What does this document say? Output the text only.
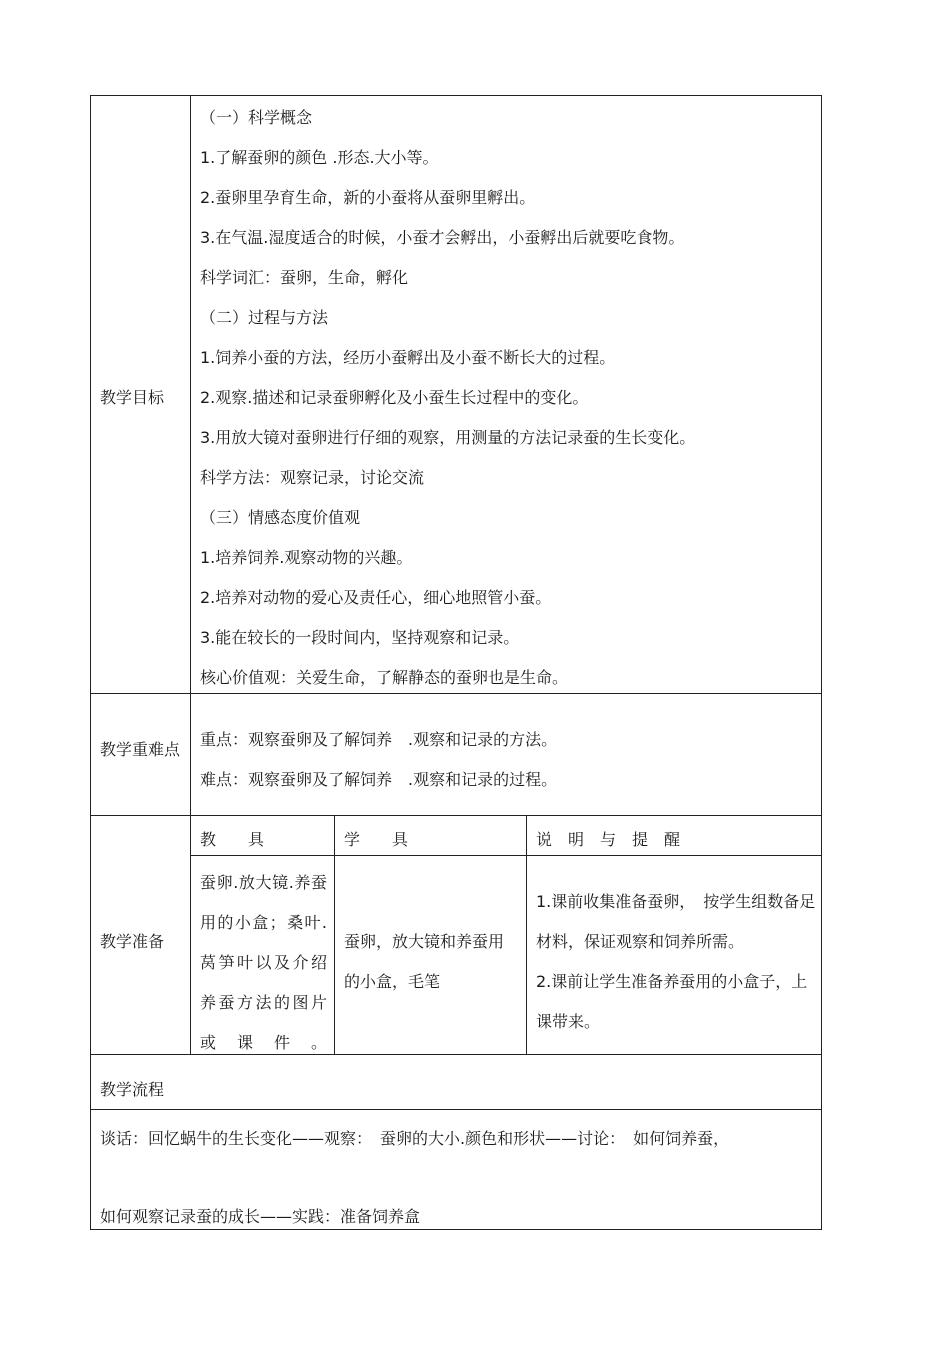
教学目标
（一）科学概念
1.了解蚕卵的颜色 .形态.大小等。
2.蚕卵里孕育生命，新的小蚕将从蚕卵里孵出。
3.在气温.湿度适合的时候，小蚕才会孵出，小蚕孵出后就要吃食物。
科学词汇：蚕卵，生命，孵化
（二）过程与方法
1.饲养小蚕的方法，经历小蚕孵出及小蚕不断长大的过程。
2.观察.描述和记录蚕卵孵化及小蚕生长过程中的变化。
3.用放大镜对蚕卵进行仔细的观察，用测量的方法记录蚕的生长变化。
科学方法：观察记录，讨论交流
（三）情感态度价值观
1.培养饲养.观察动物的兴趣。
2.培养对动物的爱心及责任心，细心地照管小蚕。
3.能在较长的一段时间内，坚持观察和记录。
核心价值观：关爱生命，了解静态的蚕卵也是生命。
教学重难点
重点：观察蚕卵及了解饲养　.观察和记录的方法。
难点：观察蚕卵及了解饲养　.观察和记录的过程。
教学准备
教　　具	学　　具	说　明　与　提　醒
蚕卵.放大镜.养蚕用的小盒；桑叶.莴笋叶以及介绍养蚕方法的图片或课件。
蚕卵，放大镜和养蚕用的小盒，毛笔
1.课前收集准备蚕卵，　按学生组数备足材料，保证观察和饲养所需。
2.课前让学生准备养蚕用的小盒子，上课带来。
教学流程
谈话：回忆蜗牛的生长变化——观察：　蚕卵的大小.颜色和形状——讨论：　如何饲养蚕，
如何观察记录蚕的成长——实践：准备饲养盒
